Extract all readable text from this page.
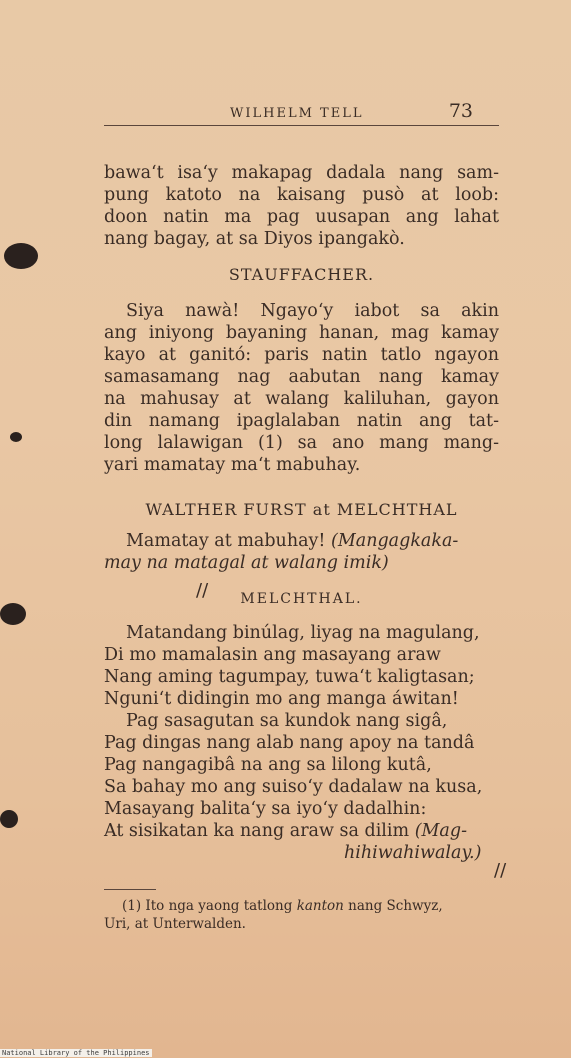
WILHELM TELL	73
bawa‘t isa‘y makapag dadala nang sam-
pung katoto na kaisang pusò at loob:
doon natin ma pag uusapan ang lahat
nang bagay, at sa Diyos ipangakò.
STAUFFACHER.
Siya nawà! Ngayo‘y iabot sa akin
ang iniyong bayaning hanan, mag kamay
kayo at ganitó: paris natin tatlo ngayon
samasamang nag aabutan nang kamay
na mahusay at walang kaliluhan, gayon
din namang ipaglalaban natin ang tat-
long lalawigan (1) sa ano mang mang-
yari mamatay ma‘t mabuhay.
WALTHER FURST at MELCHTHAL
Mamatay at mabuhay! (Mangagkaka-
may na matagal at walang imik)
//	MELCHTHAL.
Matandang binúlag, liyag na magulang,
Di mo mamalasin ang masayang araw
Nang aming tagumpay, tuwa‘t kaligtasan;
Nguni‘t didingin mo ang manga áwitan!
Pag sasagutan sa kundok nang sigâ,
Pag dingas nang alab nang apoy na tandâ
Pag nangagibâ na ang sa lilong kutâ,
Sa bahay mo ang suiso‘y dadalaw na kusa,
Masayang balita‘y sa iyo‘y dadalhin:
At sisikatan ka nang araw sa dilim (Mag-
hihiwahiwalay.)
//
(1) Ito nga yaong tatlong kanton nang Schwyz,
Uri, at Unterwalden.
National Library of the Philippines
